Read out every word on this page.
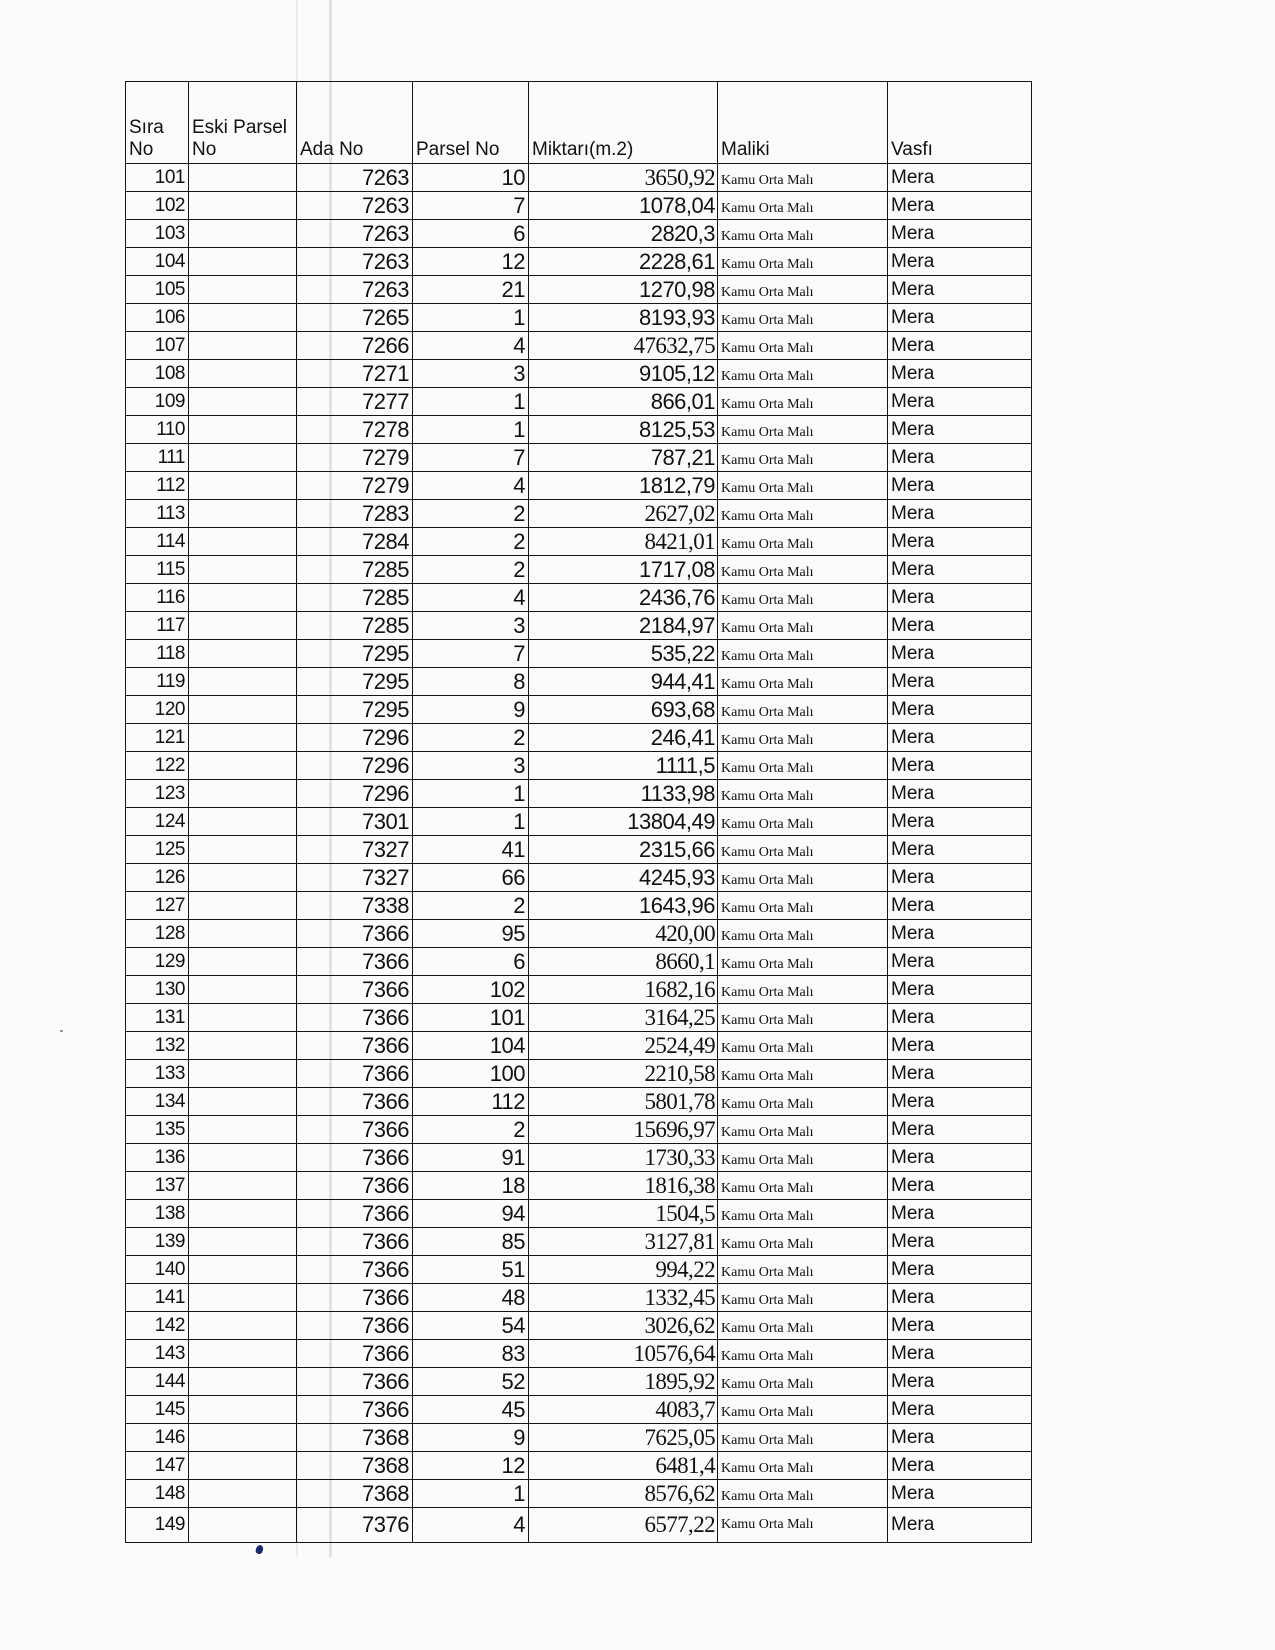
Sıra No	Eski Parsel No	Ada No	Parsel No	Miktarı(m.2)	Maliki	Vasfı
101		7263	10	3650,92	Kamu Orta Malı	Mera
102		7263	7	1078,04	Kamu Orta Malı	Mera
103		7263	6	2820,3	Kamu Orta Malı	Mera
104		7263	12	2228,61	Kamu Orta Malı	Mera
105		7263	21	1270,98	Kamu Orta Malı	Mera
106		7265	1	8193,93	Kamu Orta Malı	Mera
107		7266	4	47632,75	Kamu Orta Malı	Mera
108		7271	3	9105,12	Kamu Orta Malı	Mera
109		7277	1	866,01	Kamu Orta Malı	Mera
110		7278	1	8125,53	Kamu Orta Malı	Mera
111		7279	7	787,21	Kamu Orta Malı	Mera
112		7279	4	1812,79	Kamu Orta Malı	Mera
113		7283	2	2627,02	Kamu Orta Malı	Mera
114		7284	2	8421,01	Kamu Orta Malı	Mera
115		7285	2	1717,08	Kamu Orta Malı	Mera
116		7285	4	2436,76	Kamu Orta Malı	Mera
117		7285	3	2184,97	Kamu Orta Malı	Mera
118		7295	7	535,22	Kamu Orta Malı	Mera
119		7295	8	944,41	Kamu Orta Malı	Mera
120		7295	9	693,68	Kamu Orta Malı	Mera
121		7296	2	246,41	Kamu Orta Malı	Mera
122		7296	3	1111,5	Kamu Orta Malı	Mera
123		7296	1	1133,98	Kamu Orta Malı	Mera
124		7301	1	13804,49	Kamu Orta Malı	Mera
125		7327	41	2315,66	Kamu Orta Malı	Mera
126		7327	66	4245,93	Kamu Orta Malı	Mera
127		7338	2	1643,96	Kamu Orta Malı	Mera
128		7366	95	420,00	Kamu Orta Malı	Mera
129		7366	6	8660,1	Kamu Orta Malı	Mera
130		7366	102	1682,16	Kamu Orta Malı	Mera
131		7366	101	3164,25	Kamu Orta Malı	Mera
132		7366	104	2524,49	Kamu Orta Malı	Mera
133		7366	100	2210,58	Kamu Orta Malı	Mera
134		7366	112	5801,78	Kamu Orta Malı	Mera
135		7366	2	15696,97	Kamu Orta Malı	Mera
136		7366	91	1730,33	Kamu Orta Malı	Mera
137		7366	18	1816,38	Kamu Orta Malı	Mera
138		7366	94	1504,5	Kamu Orta Malı	Mera
139		7366	85	3127,81	Kamu Orta Malı	Mera
140		7366	51	994,22	Kamu Orta Malı	Mera
141		7366	48	1332,45	Kamu Orta Malı	Mera
142		7366	54	3026,62	Kamu Orta Malı	Mera
143		7366	83	10576,64	Kamu Orta Malı	Mera
144		7366	52	1895,92	Kamu Orta Malı	Mera
145		7366	45	4083,7	Kamu Orta Malı	Mera
146		7368	9	7625,05	Kamu Orta Malı	Mera
147		7368	12	6481,4	Kamu Orta Malı	Mera
148		7368	1	8576,62	Kamu Orta Malı	Mera
149		7376	4	6577,22	Kamu Orta Malı	Mera
